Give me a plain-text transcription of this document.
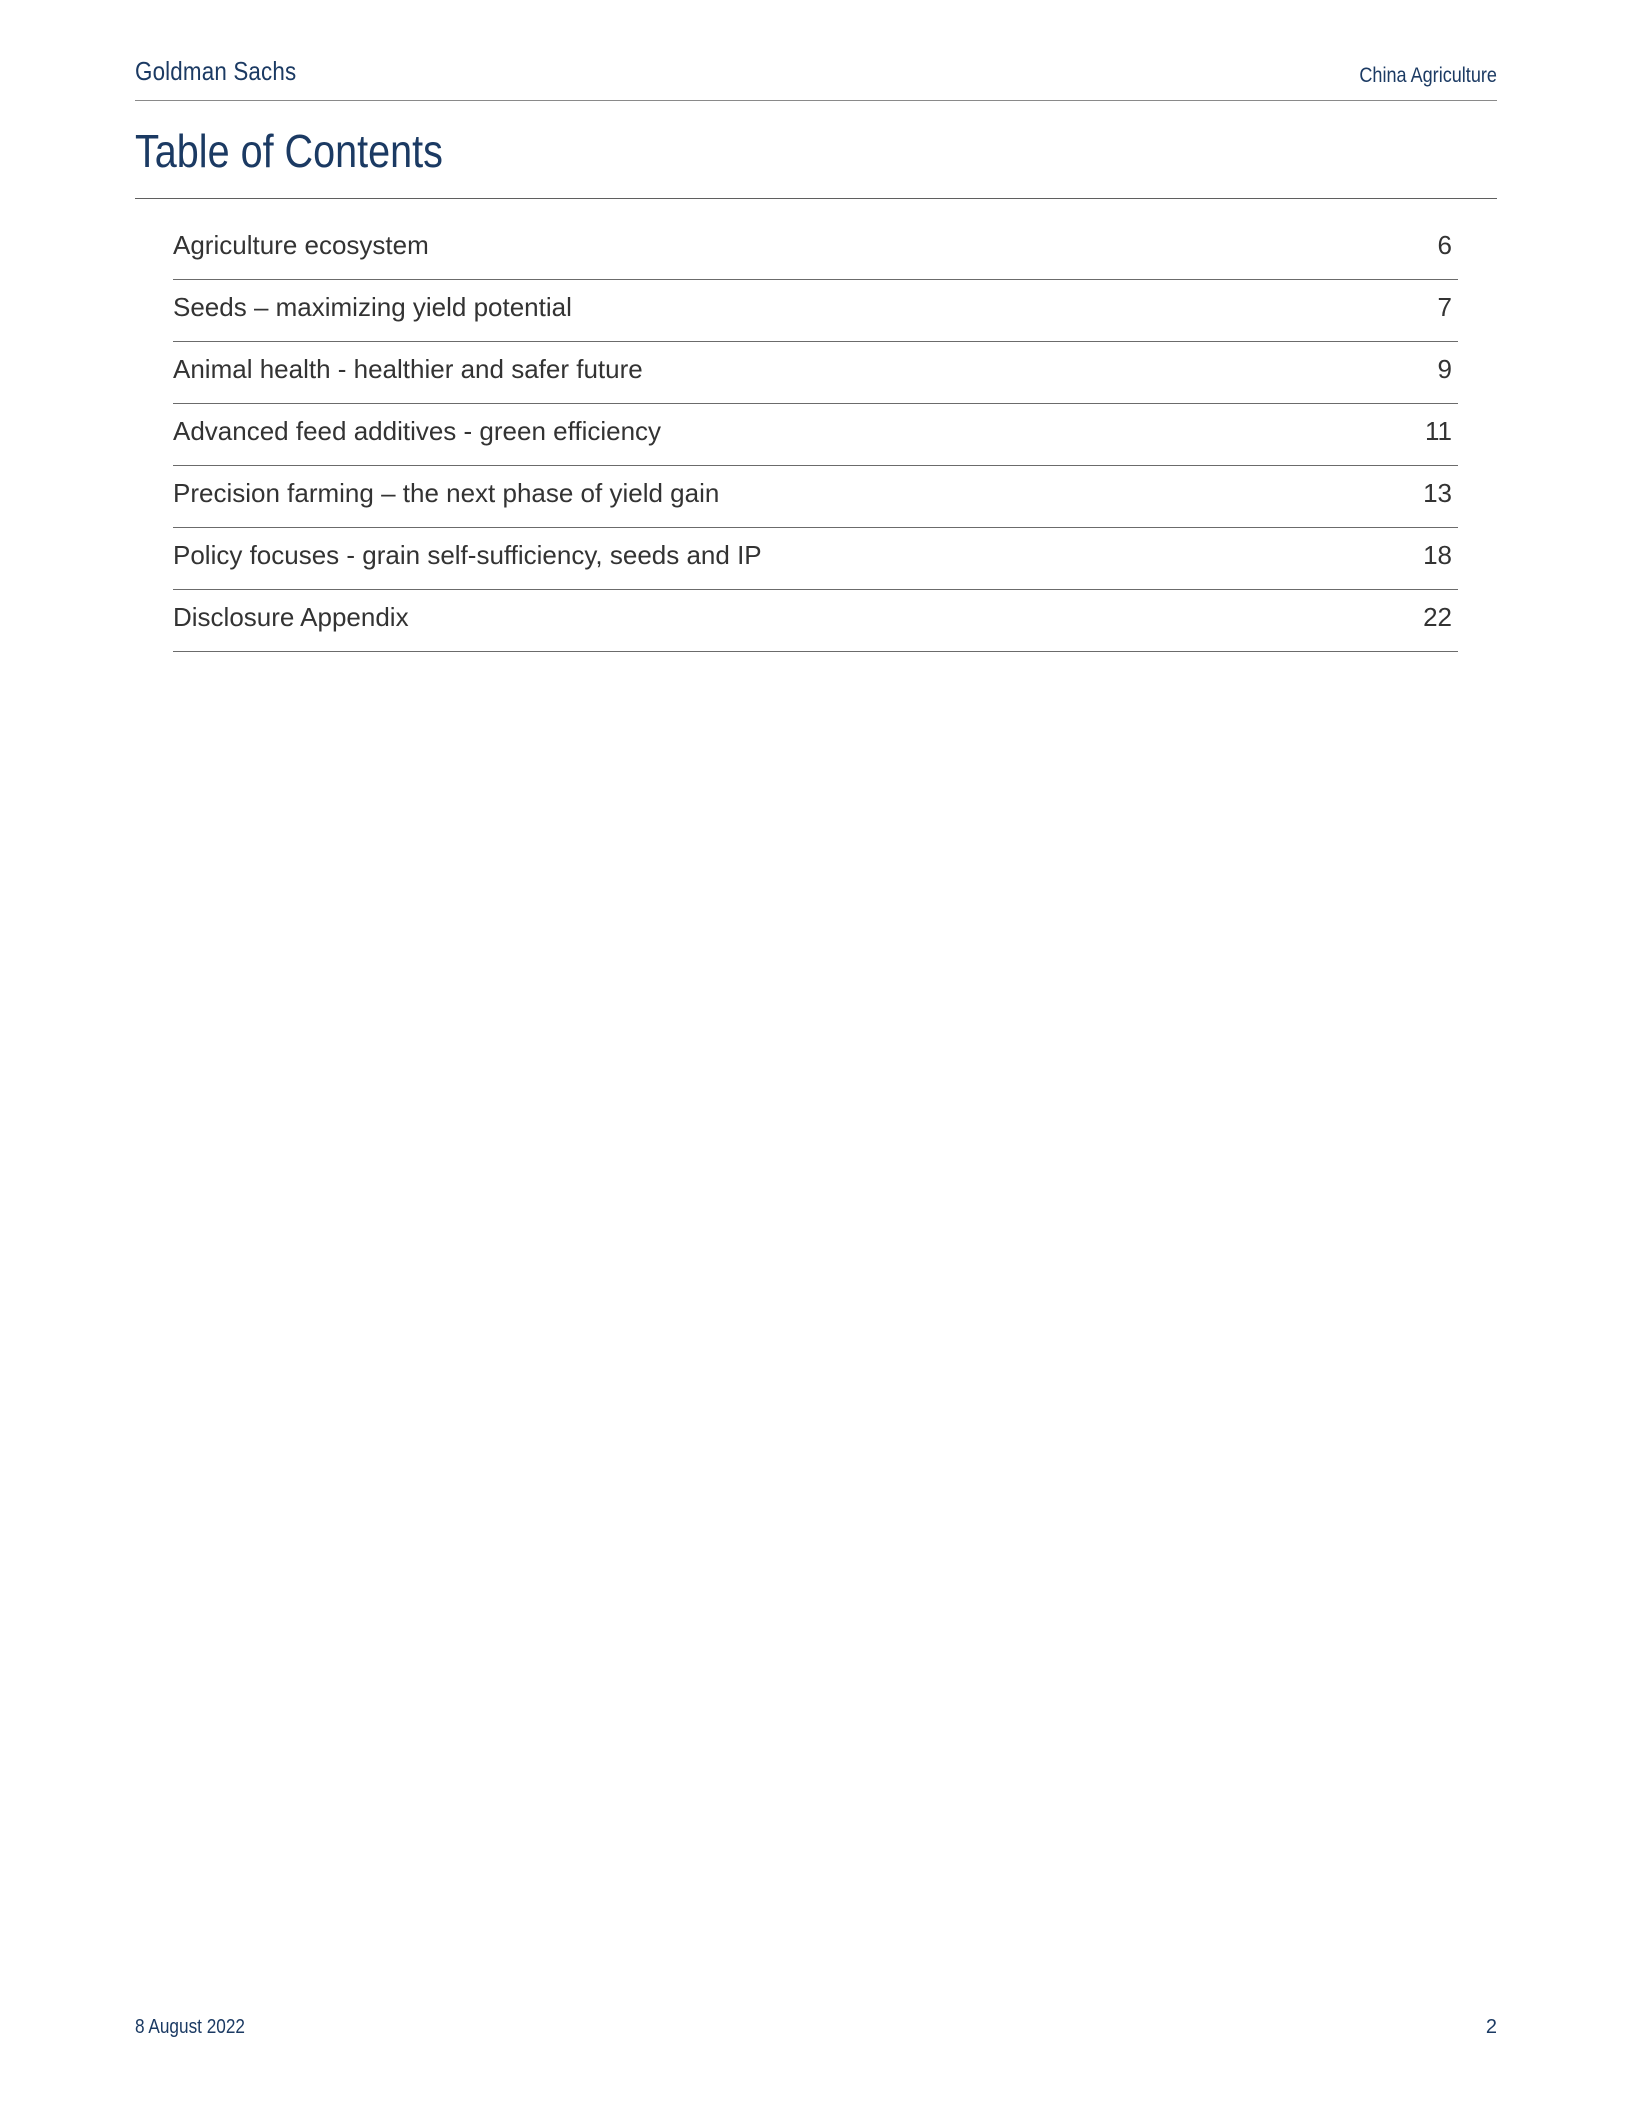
Goldman Sachs	China Agriculture
Table of Contents
Agriculture ecosystem	6
Seeds – maximizing yield potential	7
Animal health - healthier and safer future	9
Advanced feed additives - green efficiency	11
Precision farming – the next phase of yield gain	13
Policy focuses - grain self-sufficiency, seeds and IP	18
Disclosure Appendix	22
8 August 2022	2
